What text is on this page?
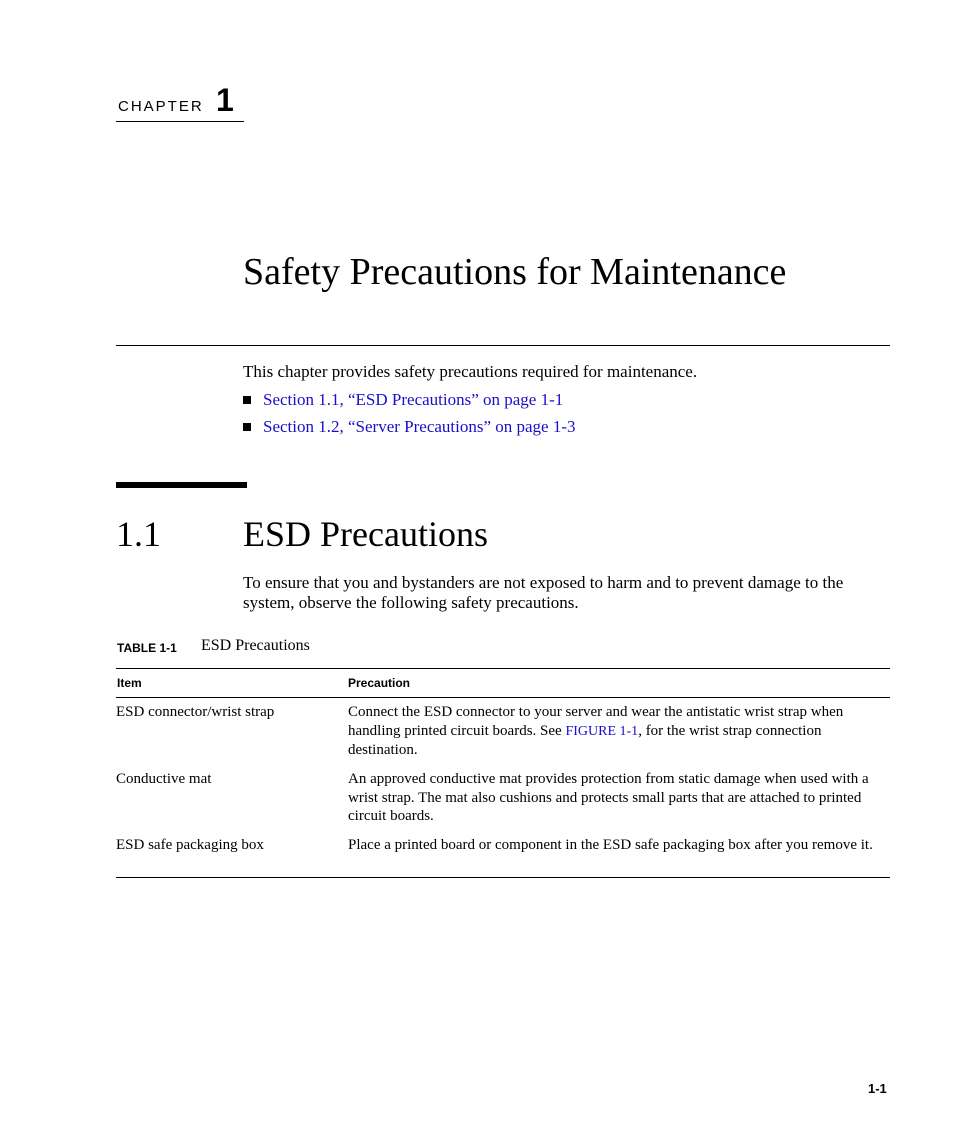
CHAPTER 1
Safety Precautions for Maintenance
This chapter provides safety precautions required for maintenance.
Section 1.1, “ESD Precautions” on page 1-1
Section 1.2, “Server Precautions” on page 1-3
1.1 ESD Precautions
To ensure that you and bystanders are not exposed to harm and to prevent damage to the system, observe the following safety precautions.
TABLE 1-1 ESD Precautions
Item	Precaution
ESD connector/wrist strap	Connect the ESD connector to your server and wear the antistatic wrist strap when handling printed circuit boards. See FIGURE 1-1, for the wrist strap connection destination.
Conductive mat	An approved conductive mat provides protection from static damage when used with a wrist strap. The mat also cushions and protects small parts that are attached to printed circuit boards.
ESD safe packaging box	Place a printed board or component in the ESD safe packaging box after you remove it.
1-1
